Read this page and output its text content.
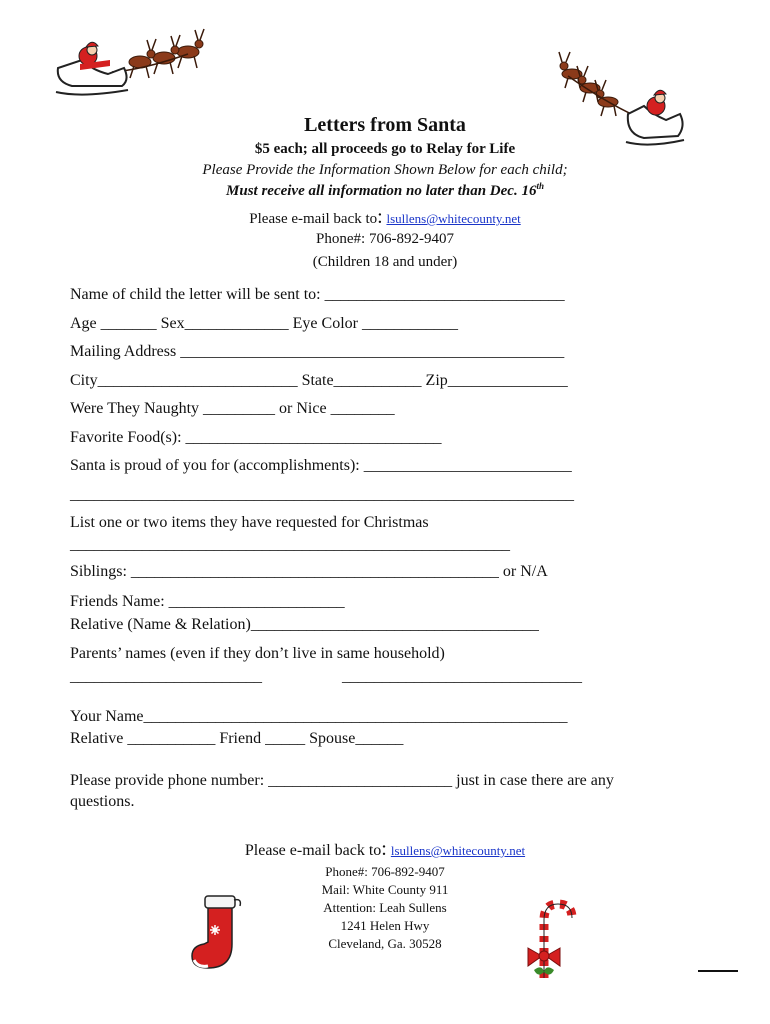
Letters from Santa
$5 each; all proceeds go to Relay for Life
Please Provide the Information Shown Below for each child;
Must receive all information no later than Dec. 16th
Please e-mail back to: lsullens@whitecounty.net
Phone#: 706-892-9407
(Children 18 and under)
Name of child the letter will be sent to: ______________________________
Age _______ Sex_____________ Eye Color ____________
Mailing Address ________________________________________________
City_________________________ State___________ Zip_______________
Were They Naughty _________ or Nice ________
Favorite Food(s): ________________________________
Santa is proud of you for (accomplishments): __________________________
_______________________________________________________________
List one or two items they have requested for Christmas
_______________________________________________________
Siblings: ______________________________________________ or N/A
Friends Name: ______________________
Relative (Name & Relation)____________________________________
Parents’ names (even if they don’t live in same household)
________________________	______________________________
Your Name_____________________________________________________
Relative ___________ Friend _____ Spouse______
Please provide phone number: _______________________ just in case there are any
questions.
Please e-mail back to: lsullens@whitecounty.net
Phone#: 706-892-9407
Mail: White County 911
Attention: Leah Sullens
1241 Helen Hwy
Cleveland, Ga. 30528
